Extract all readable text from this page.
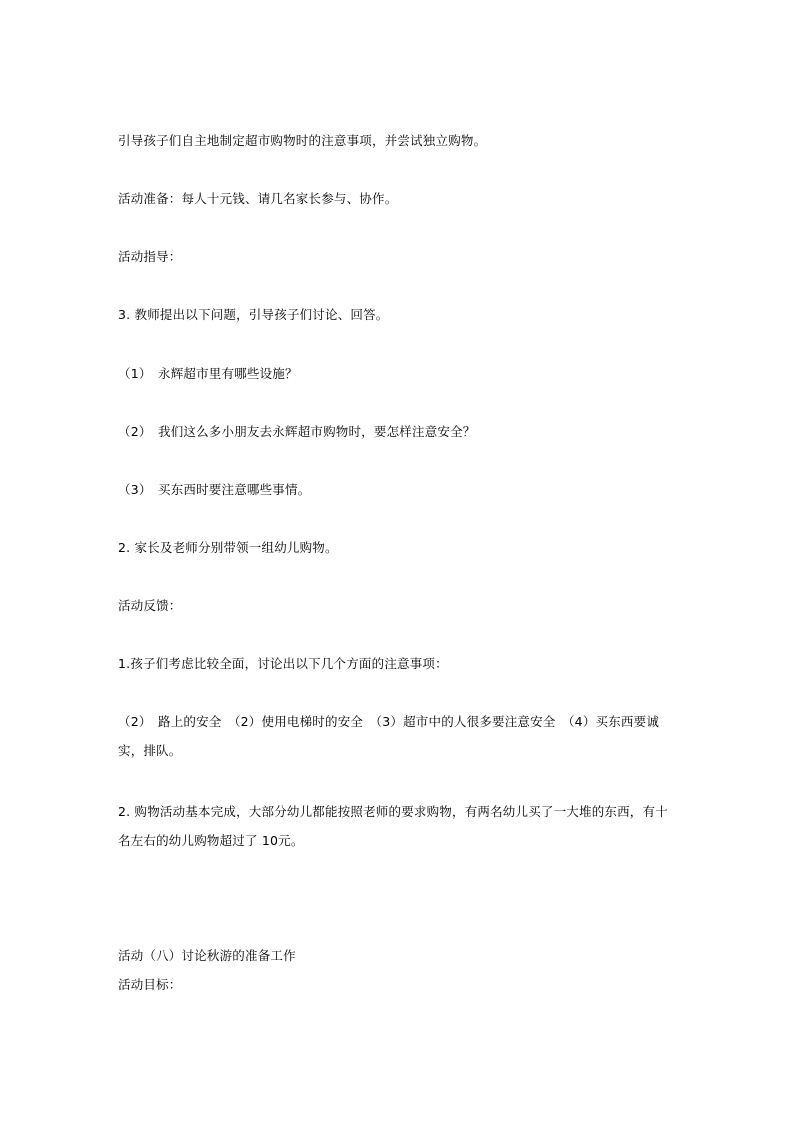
引导孩子们自主地制定超市购物时的注意事项，并尝试独立购物。
活动准备：每人十元钱、请几名家长参与、协作。
活动指导：
3. 教师提出以下问题，引导孩子们讨论、回答。
（1）　永辉超市里有哪些设施？
（2）　我们这么多小朋友去永辉超市购物时，要怎样注意安全？
（3）　买东西时要注意哪些事情。
2. 家长及老师分别带领一组幼儿购物。
活动反馈：
1.孩子们考虑比较全面，讨论出以下几个方面的注意事项：
（2）　路上的安全　（2）使用电梯时的安全　（3）超市中的人很多要注意安全　（4）买东西要诚实，排队。
2. 购物活动基本完成，大部分幼儿都能按照老师的要求购物，有两名幼儿买了一大堆的东西，有十名左右的幼儿购物超过了 10元。
活动（八）讨论秋游的准备工作
活动目标：
